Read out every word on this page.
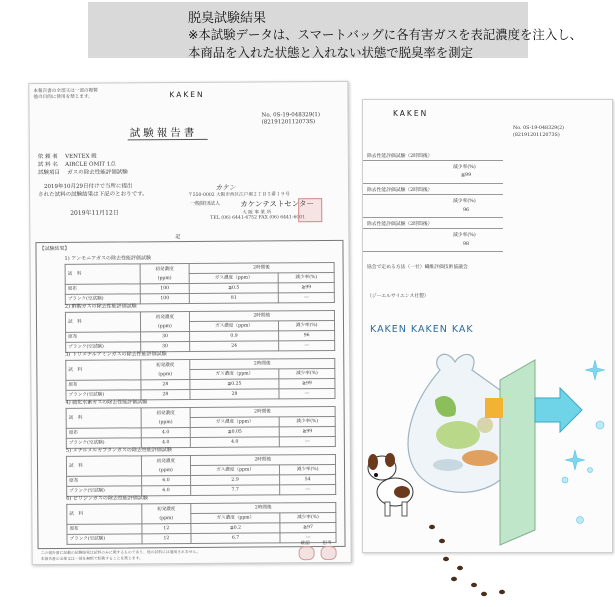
脱臭試験結果
※本試験データは、スマートバッグに各有害ガスを表記濃度を注入し、
本商品を入れた状態と入れない状態で脱臭率を測定
KAKEN
No. 0S-19-048329(2)
(8219120112073S)
除去性能評価試験（2時間後）
減少率(%)
≧99
除去性能評価試験（2時間後）
減少率(%)
96
除去性能評価試験（2時間後）
減少率(%)
98
協会で定める方法（一社）繊維評価技術協議会
（ジーエルサイエンス社製）
本報告書の全部又は一部の複製
他の目的に使用を禁じます。	KAKEN
No. 0S-19-048329(1)
(8219120112073S)
試験報告書
依 頼 者　 VENTEX 殿
試 料 名　 AIRCLE OMIT 1点
試験項目　 ガスの除去性能評価試験
2019年10月29日付けで当所に提出
された試料の試験結果は下記のとおりです。
2019年11月12日
カケン
〒550-0002 大阪市西区江戸堀２丁目５番１９号
一般財団法人	カケンテストセンター
大 阪 事 業 所
TEL (06) 6441-6752 FAX (06) 6441-6001
記
【試験結果】
1) アンモニアガスの除去性能評価試験
試　料	初発濃度
(ppm)	2時間後	
		ガス濃度（ppm）	減少率(%)
原布	100	≦0.5	≧99
ブランク(空試験)	100	81	―
2) 酢酸ガスの除去性能評価試験
試　料	初発濃度
(ppm)	2時間後	
		ガス濃度（ppm）	減少率(%)
原布	30	0.9	96
ブランク(空試験)	30	24	―
3) トリメチルアミンガスの除去性能評価試験
試　料	初発濃度
(ppm)	2時間後	
		ガス濃度（ppm）	減少率(%)
原布	28	≦0.25	≧99
ブランク(空試験)	28	28	―
4) 硫化水素ガスの除去性能評価試験
試　料	初発濃度
(ppm)	2時間後	
		ガス濃度（ppm）	減少率(%)
原布	4.0	≦0.05	≧99
ブランク(空試験)	4.0	4.0	―
5) メチルメルカプタンガスの除去性能評価試験
試　料	初発濃度
(ppm)	2時間後	
		ガス濃度（ppm）	減少率(%)
原布	6.0	2.9	54
ブランク(空試験)	6.0	7.7	―
6) ピリジンガスの除去性能評価試験
試　料	初発濃度
(ppm)	2時間後	
		ガス濃度（ppm）	減少率(%)
原布	12	≦0.2	≧97
ブランク(空試験)	12	6.7	―
この報告書に記載の試験結果は試料のみに関するものであり、他の試料には適用されません。
本報告書の全部又は一部を無断で転載することを禁じます。
確認	担当
KAKEN KAKEN KAK
